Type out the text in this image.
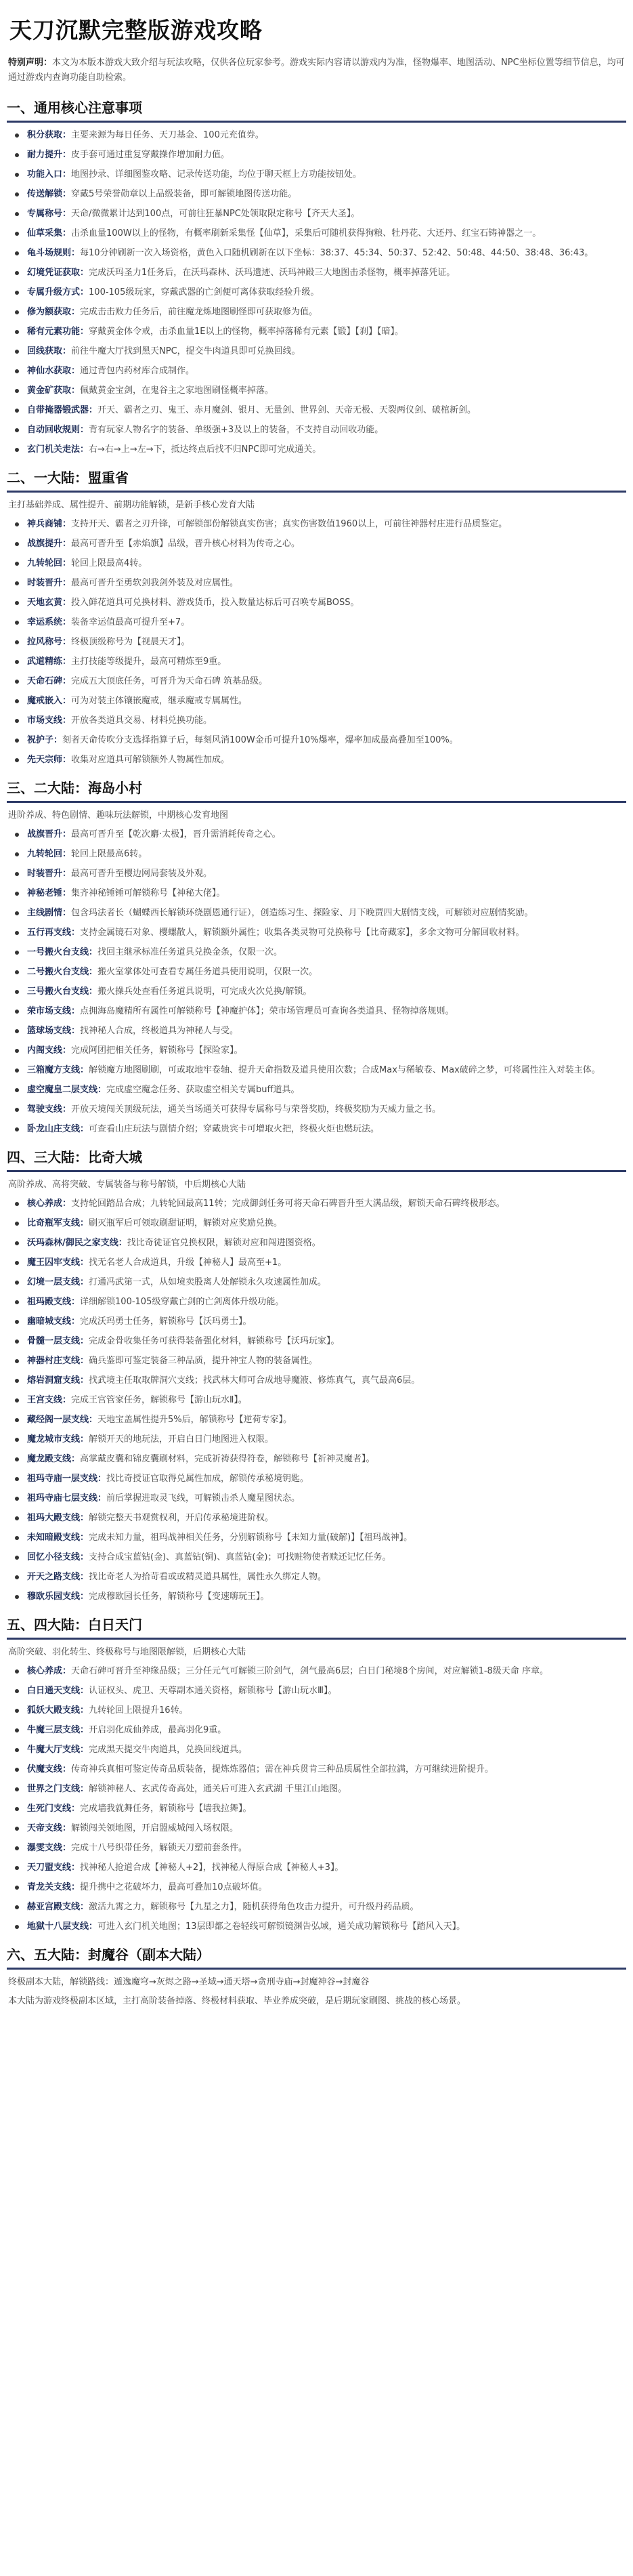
天刀沉默完整版游戏攻略

特别声明：本文为本版本游戏大致介绍与玩法攻略，仅供各位玩家参考。游戏实际内容请以游戏内为准，怪物爆率、地图活动、NPC坐标位置等细节信息，均可通过游戏内查询功能自助检索。

一、通用核心注意事项
积分获取：主要来源为每日任务、天刀基金、100元充值券。
耐力提升：皮手套可通过重复穿戴操作增加耐力值。
功能入口：地图抄录、详细图鉴攻略、记录传送功能，均位于聊天框上方功能按钮处。
传送解锁：穿戴5号荣誉勋章以上品级装备，即可解锁地图传送功能。
专属称号：天命/微微累计达到100点，可前往狂暴NPC处领取限定称号【齐天大圣】。
仙草采集：击杀血量100W以上的怪物，有概率刷新采集怪【仙草】，采集后可随机获得狗粮、牡丹花、大还丹、红宝石铸神器之一。
龟斗场规则：每10分钟刷新一次入场资格，黄色入口随机刷新在以下坐标：38:37、45:34、50:37、52:42、50:48、44:50、38:48、36:43。
幻境凭证获取：完成沃玛圣力1任务后，在沃玛森林、沃玛遗迹、沃玛神殿三大地图击杀怪物，概率掉落凭证。
专属升级方式：100-105级玩家，穿戴武器的亡剑便可离体获取经验升级。
修为额获取：完成击击败力任务后，前往魔龙炼地图刷怪即可获取修为值。
稀有元素功能：穿戴黄金体令戒，击杀血量1E以上的怪物，概率掉落稀有元素【锻】【刹】【暗】。
回线获取：前往牛魔大厅找到黑天NPC，提交牛肉道具即可兑换回线。
神仙水获取：通过背包内药材库合成制作。
黄金矿获取：佩戴黄金宝剑，在鬼谷主之家地图刷怪概率掉落。
自带掩器锻武器：开天、霸者之刃、鬼王、赤月魔剑、银月、无量剑、世界剑、天帝无极、天裂两仪剑、破棺新剑。
自动回收规则：背有玩家人物名字的装备、单级强+3及以上的装备，不支持自动回收功能。
玄门机关走法：右→右→上→左→下，抵达终点后找不归NPC即可完成通关。
二、一大陆：盟重省

主打基础养成、属性提升、前期功能解锁，是新手核心发育大陆

神兵商铺：支持开天、霸者之刃升锋，可解锁部份解锁真实伤害；真实伤害数值1960以上，可前往神器村庄进行品质鉴定。
战旗提升：最高可晋升至【赤焰旗】品级，晋升核心材料为传奇之心。
九转轮回：轮回上限最高4转。
时装晋升：最高可晋升至勇软剑我剑外装及对应属性。
天地玄黄：投入鲜花道具可兑换材料、游戏货币，投入数量达标后可召唤专属BOSS。
幸运系统：装备幸运值最高可提升至+7。
拉风称号：终极顶级称号为【视晨天才】。
武道精练：主打技能等级提升，最高可精炼至9重。
天命石碑：完成五大顶底任务，可晋升为天命石碑 筑基品级。
魔戒嵌入：可为对装主体镶嵌魔戒，继承魔戒专属属性。
市场支线：开放各类道具交易、材料兑换功能。
祝护子：刻者天命传吹分支选择指算子后，每刻风消100W金币可提升10%爆率，爆率加成最高叠加至100%。
先天宗师：收集对应道具可解锁额外人物属性加成。
三、二大陆：海岛小村

进阶养成、特色剧情、趣味玩法解锁，中期核心发育地图

战旗晋升：最高可晋升至【乾次麝·太极】，晋升需消耗传奇之心。
九转轮回：轮回上限最高6转。
时装晋升：最高可晋升至樱边网局套装及外观。
神秘老锤：集齐神秘锤锤可解锁称号【神秘大佬】。
主线剧情：包含玛法者长（蝴蝶西长解锁环绕剧恩通行证），创造练习生、探险家、月下晚贾四大剧情支线，可解锁对应剧情奖励。
五行再支线：支持金属镜石对象、樱螺散人，解锁额外属性；收集各类灵物可兑换称号【比奇藏家】，多余文物可分解回收材料。
一号搬火台支线：找回主继承标准任务道具兑换金条，仅限一次。
二号搬火台支线：搬火室掌体处可查看专属任务道具使用说明，仅限一次。
三号搬火台支线：搬火操兵处查看任务道具说明，可完成火次兑换/解锁。
荣市场支线：点拥海岛魔精所有属性可解锁称号【神魔护体】；荣市场管理员可查询各类道具、怪物掉落规则。
篮球场支线：找神秘人合成，终极道具为神秘人与受。
内阁支线：完成阿团把相关任务，解锁称号【探险家】。
三箱魔方支线：解锁魔方地图刷刷，可或取地牢卷轴、提升天命指数及道具使用次数；合成Max与稀敏卷、Max破碎之梦，可将属性注入对装主体。
虚空魔皇二层支线：完成虚空魔念任务、获取虚空相关专属buff道具。
驾驶支线：开放天境闯关顶级玩法，通关当场通关可获得专属称号与荣誉奖励，终极奖励为天威力量之书。
卧龙山庄支线：可查看山庄玩法与剧情介绍；穿戴贵宾卡可增取火把，终极火炬也燃玩法。
四、三大陆：比奇大城

高阶养成、高将突破、专属装备与称号解锁，中后期核心大陆

核心养成：支持轮回踏品合成；九转轮回最高11转；完成御剑任务可将天命石碑晋升至大满品级，解锁天命石碑终极形态。
比奇瓶军支线：刷灭瓶军后可领取刷甜证明，解锁对应奖励兑换。
沃玛森林/御民之家支线：找比奇徒证官兑换权限，解锁对应和闯进图资格。
魔王囚牢支线：找无名老人合成道具，升级【神秘人】最高至+1。
幻境一层支线：打通冯武第一式，从如境卖股离人处解锁永久攻速属性加成。
祖玛殿支线：详细解锁100-105级穿戴亡剑的亡剑离体升级功能。
幽暗城支线：完成沃玛勇士任务，解锁称号【沃玛勇士】。
骨髓一层支线：完成金骨收集任务可获得装备强化材料，解锁称号【沃玛玩家】。
神器村庄支线：确兵鉴即可鉴定装备三种品质，提升神宝人物的装备属性。
熔岩洞窟支线：找武境主任取取牌洞穴支线；找武林大师可合成地导魔液、修炼真气，真气最高6层。
王宫支线：完成王宫管家任务，解锁称号【游山玩水Ⅱ】。
藏经阁一层支线：天地宝盖属性提升5%后，解锁称号【逆荷专家】。
魔龙城市支线：解锁开天的地玩法，开启白日门地图进入权限。
魔龙殿支线：高掌戴皮囊和锦皮囊刷材料，完成祈祷获得符卷，解锁称号【祈神灵魔者】。
祖玛寺庙一层支线：找比奇授证官取得兑属性加成，解锁传承秘境钥匙。
祖玛寺庙七层支线：前后掌握进取灵飞线，可解锁击杀人魔星图状态。
祖玛大殿支线：解锁完整天书观赏权利，开启传承秘境进阶权。
未知暗殿支线：完成未知力量，祖玛战神相关任务，分别解锁称号【未知力量(破解)】【祖玛战神】。
回忆小径支线：支持合成宝蓝钻(金)、真蓝钻(铜)、真蓝钻(金)；可找赃物使者赎还记忆任务。
开天之路支线：找比奇老人为拾苛看或或精灵道具属性，属性永久绑定人物。
穆欧乐园支线：完成穆欧园长任务，解锁称号【变速嗨玩王】。
五、四大陆：白日天门

高阶突破、羽化转生、终极称号与地图限解锁，后期核心大陆

核心养成：天命石碑可晋升至神缘品级；三分任元气可解锁三阶剑气，剑气最高6层；白日门秘境8个房间，对应解锁1-8级天命 序章。
白日通天支线：认证权头、虎卫、天尊副本通关资格，解锁称号【游山玩水Ⅲ】。
狐妖大殿支线：九转轮回上限提升16转。
牛魔三层支线：开启羽化成仙养成，最高羽化9重。
牛魔大厅支线：完成黑天提交牛肉道具，兑换回线道具。
伏魔支线：传奇神兵真相可鉴定传奇品质装备，提炼炼器值；需在神兵贯肯三种品质属性全部拉满，方可继续进阶提升。
世界之门支线：解锁神秘人、玄武传奇高处，通关后可进入玄武湖 千里江山地图。
生死门支线：完成墙我就舞任务，解锁称号【墙我拉舞】。
天帝支线：解锁闯关领地图，开启盟威城闯入场权限。
瀑雯支线：完成十八号织带任务，解锁天刀塑前套条件。
天刀盟支线：找神秘人抢道合成【神秘人+2】，找神秘人得原合成【神秘人+3】。
青龙关支线：提升携中之花破坏力，最高可叠加10点破坏值。
赫亚宫殿支线：激活九霄之力，解锁称号【九星之力】，随机获得角色攻击力提升，可升级丹药品质。
地獄十八层支线：可进入玄门机关地图；13层即都之卷轻线可解锁镜渊告弘域，通关成功解锁称号【踏风入天】。
六、五大陆：封魔谷（副本大陆）

终极副本大陆，解锁路线：遁逸魔穹→灰烬之路→圣域→通天塔→贪刑寺庙→封魔神谷→封魔谷

本大陆为游戏终极副本区域，主打高阶装备掉落、终极材料获取、毕业养成突破，是后期玩家刷图、挑战的核心场景。
